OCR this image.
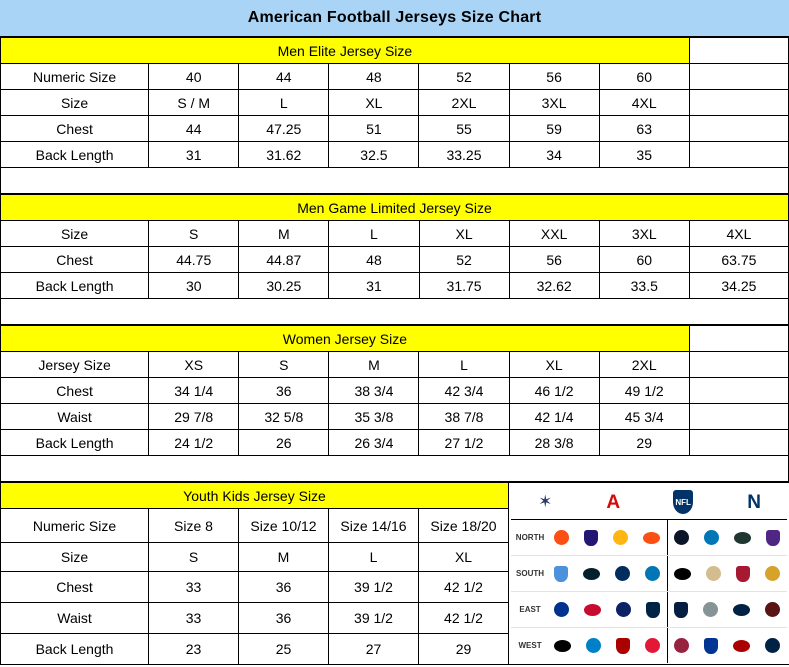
American Football Jerseys Size Chart
Men Elite Jersey Size							
Numeric Size	40	44	48	52	56	60	
Size	S / M	L	XL	2XL	3XL	4XL	
Chest	44	47.25	51	55	59	63	
Back Length	31	31.62	32.5	33.25	34	35	

Men Game Limited Jersey Size							
Size	S	M	L	XL	XXL	3XL	4XL
Chest	44.75	44.87	48	52	56	60	63.75
Back Length	30	30.25	31	31.75	32.62	33.5	34.25

Women Jersey Size							
Jersey Size	XS	S	M	L	XL	2XL	
Chest	34 1/4	36	38 3/4	42 3/4	46 1/2	49 1/2	
Waist	29 7/8	32 5/8	35 3/8	38 7/8	42 1/4	45 3/4	
Back Length	24 1/2	26	26 3/4	27 1/2	28 3/8	29	

Youth Kids Jersey Size	✶	A	NFL	N
NORTH
SOUTH
EAST
WEST

Numeric Size	Size 8	Size 10/12	Size 14/16	Size 18/20	
Size	S	M	L	XL	
Chest	33	36	39 1/2	42 1/2	
Waist	33	36	39 1/2	42 1/2	
Back Length	23	25	27	29	
